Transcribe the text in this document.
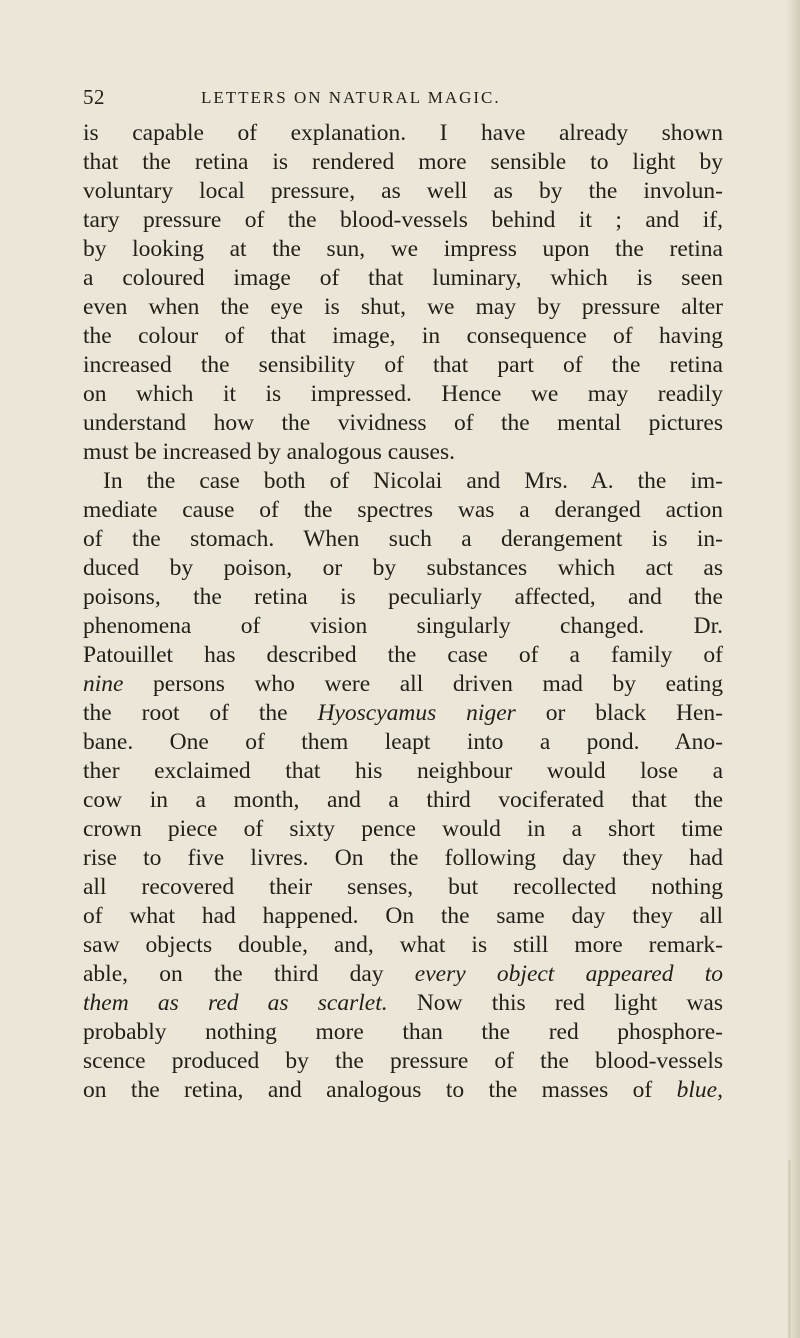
52	LETTERS ON NATURAL MAGIC.
is capable of explanation. I have already shown
that the retina is rendered more sensible to light by
voluntary local pressure, as well as by the involun-
tary pressure of the blood-vessels behind it ; and if,
by looking at the sun, we impress upon the retina
a coloured image of that luminary, which is seen
even when the eye is shut, we may by pressure alter
the colour of that image, in consequence of having
increased the sensibility of that part of the retina
on which it is impressed. Hence we may readily
understand how the vividness of the mental pictures
must be increased by analogous causes.
In the case both of Nicolai and Mrs. A. the im-
mediate cause of the spectres was a deranged action
of the stomach. When such a derangement is in-
duced by poison, or by substances which act as
poisons, the retina is peculiarly affected, and the
phenomena of vision singularly changed. Dr.
Patouillet has described the case of a family of
nine persons who were all driven mad by eating
the root of the Hyoscyamus niger or black Hen-
bane. One of them leapt into a pond. Ano-
ther exclaimed that his neighbour would lose a
cow in a month, and a third vociferated that the
crown piece of sixty pence would in a short time
rise to five livres. On the following day they had
all recovered their senses, but recollected nothing
of what had happened. On the same day they all
saw objects double, and, what is still more remark-
able, on the third day every object appeared to
them as red as scarlet. Now this red light was
probably nothing more than the red phosphore-
scence produced by the pressure of the blood-vessels
on the retina, and analogous to the masses of blue,
